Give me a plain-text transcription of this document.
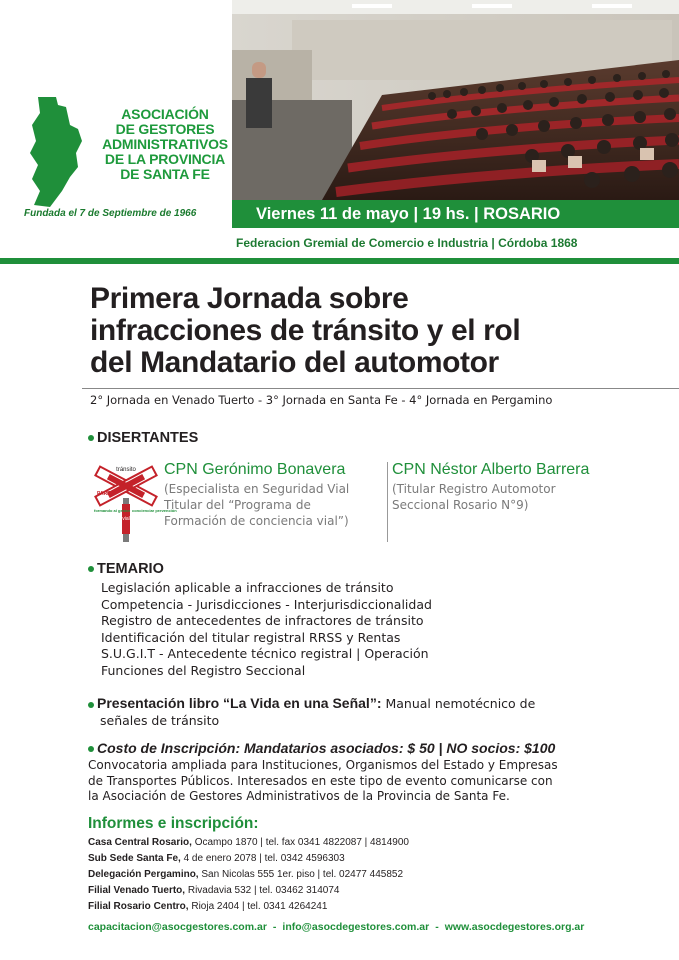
ASOCIACIÓN
DE GESTORES
ADMINISTRATIVOS
DE LA PROVINCIA
DE SANTA FE
Fundada el 7 de Septiembre de 1966	Viernes 11 de mayo | 19 hs. | ROSARIO
Federacion Gremial de Comercio e Industria | Córdoba 1868
Primera Jornada sobre
infracciones de tránsito y el rol
del Mandatario del automotor
2° Jornada en Venado Tuerto - 3° Jornada en Santa Fe - 4° Jornada en Pergamino
DISERTANTES
tránsito
PARE
vial
formando al gestor concienciar prevención
CPN Gerónimo Bonavera
(Especialista en Seguridad Vial
Titular del “Programa de
Formación de conciencia vial”)
CPN Néstor Alberto Barrera
(Titular Registro Automotor
Seccional Rosario N°9)
TEMARIO
Legislación aplicable a infracciones de tránsito
Competencia - Jurisdicciones - Interjurisdiccionalidad
Registro de antecedentes de infractores de tránsito
Identificación del titular registral RRSS y Rentas
S.U.G.I.T - Antecedente técnico registral | Operación
Funciones del Registro Seccional
Presentación libro “La Vida en una Señal”: Manual nemotécnico de
señales de tránsito
Costo de Inscripción: Mandatarios asociados: $ 50 | NO socios: $100
Convocatoria ampliada para Instituciones, Organismos del Estado y Empresas
de Transportes Públicos. Interesados en este tipo de evento comunicarse con
la Asociación de Gestores Administrativos de la Provincia de Santa Fe.
Informes e inscripción:
Casa Central Rosario, Ocampo 1870 | tel. fax 0341 4822087 | 4814900
Sub Sede Santa Fe, 4 de enero 2078 | tel. 0342 4596303
Delegación Pergamino, San Nicolas 555 1er. piso | tel. 02477 445852
Filial Venado Tuerto, Rivadavia 532 | tel. 03462 314074
Filial Rosario Centro, Rioja 2404 | tel. 0341 4264241
capacitacion@asocgestores.com.ar - info@asocdegestores.com.ar - www.asocdegestores.org.ar
